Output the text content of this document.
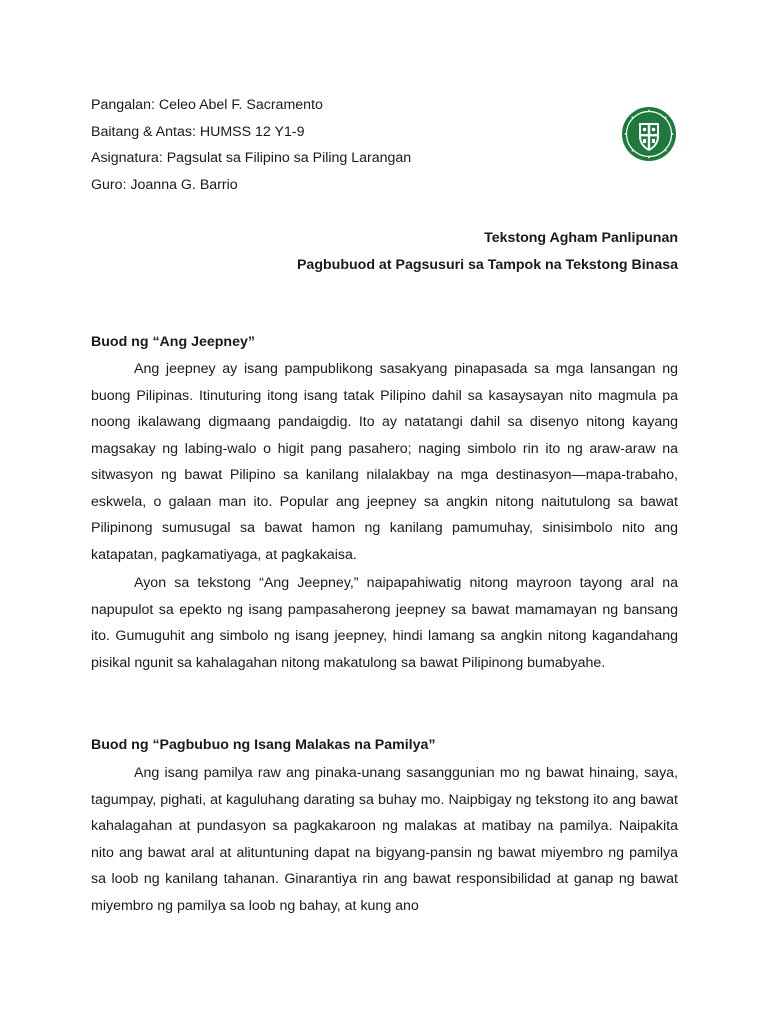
Pangalan: Celeo Abel F. Sacramento
Baitang & Antas: HUMSS 12 Y1-9
Asignatura: Pagsulat sa Filipino sa Piling Larangan
Guro: Joanna G. Barrio
Tekstong Agham Panlipunan
Pagbubuod at Pagsusuri sa Tampok na Tekstong Binasa
Buod ng “Ang Jeepney”

Ang jeepney ay isang pampublikong sasakyang pinapasada sa mga lansangan ng buong Pilipinas. Itinuturing itong isang tatak Pilipino dahil sa kasaysayan nito magmula pa noong ikalawang digmaang pandaigdig. Ito ay natatangi dahil sa disenyo nitong kayang magsakay ng labing-walo o higit pang pasahero; naging simbolo rin ito ng araw-araw na sitwasyon ng bawat Pilipino sa kanilang nilalakbay na mga destinasyon—mapa-trabaho, eskwela, o galaan man ito. Popular ang jeepney sa angkin nitong naitutulong sa bawat Pilipinong sumusugal sa bawat hamon ng kanilang pamumuhay, sinisimbolo nito ang katapatan, pagkamatiyaga, at pagkakaisa.

Ayon sa tekstong “Ang Jeepney,” naipapahiwatig nitong mayroon tayong aral na napupulot sa epekto ng isang pampasaherong jeepney sa bawat mamamayan ng bansang ito. Gumuguhit ang simbolo ng isang jeepney, hindi lamang sa angkin nitong kagandahang pisikal ngunit sa kahalagahan nitong makatulong sa bawat Pilipinong bumabyahe.

Buod ng “Pagbubuo ng Isang Malakas na Pamilya”

Ang isang pamilya raw ang pinaka-unang sasanggunian mo ng bawat hinaing, saya, tagumpay, pighati, at kaguluhang darating sa buhay mo. Naipbigay ng tekstong ito ang bawat kahalagahan at pundasyon sa pagkakaroon ng malakas at matibay na pamilya. Naipakita nito ang bawat aral at alituntuning dapat na bigyang-pansin ng bawat miyembro ng pamilya sa loob ng kanilang tahanan. Ginarantiya rin ang bawat responsibilidad at ganap ng bawat miyembro ng pamilya sa loob ng bahay, at kung ano
